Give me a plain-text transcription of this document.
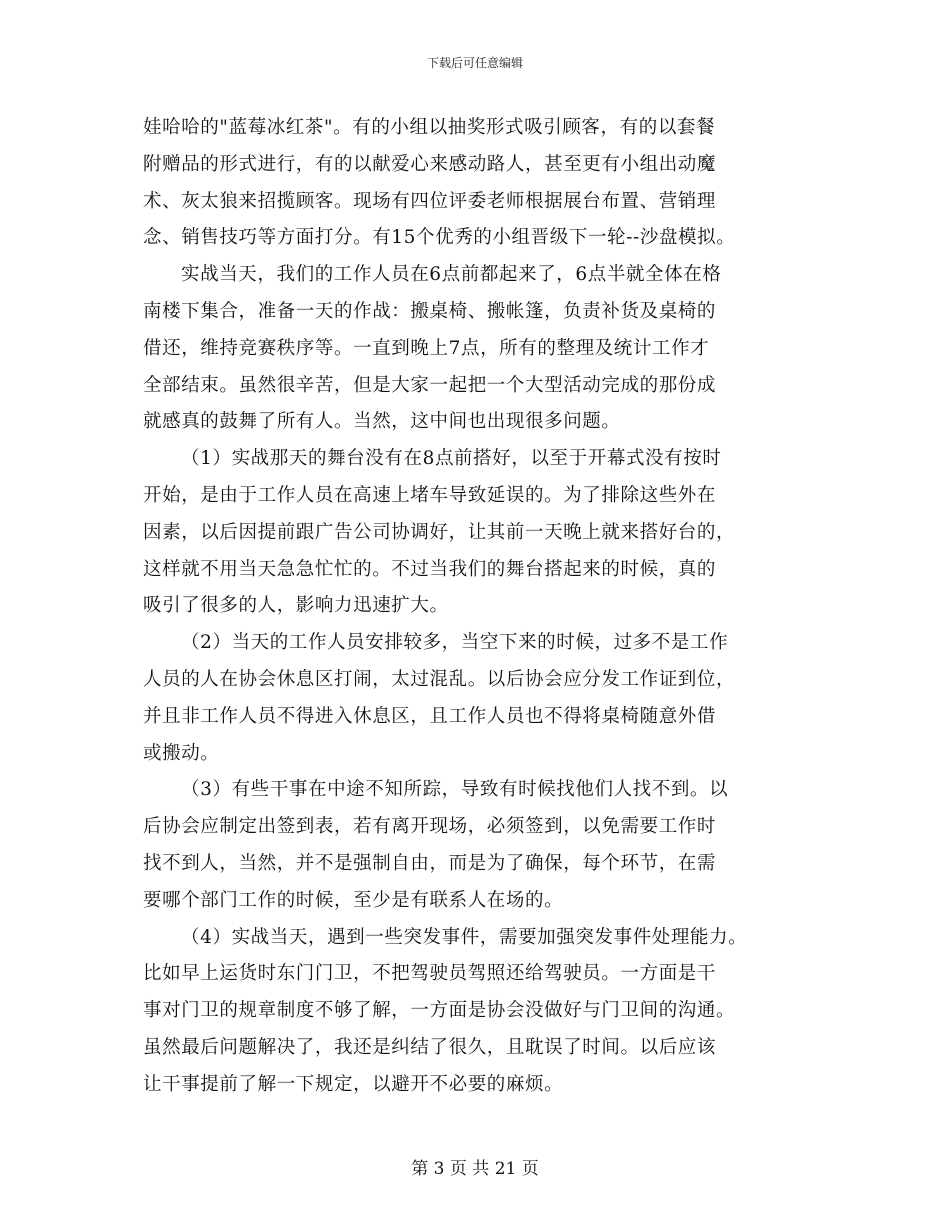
下载后可任意编辑
娃哈哈的"蓝莓冰红茶"。有的小组以抽奖形式吸引顾客，有的以套餐
附赠品的形式进行，有的以献爱心来感动路人，甚至更有小组出动魔
术、灰太狼来招揽顾客。现场有四位评委老师根据展台布置、营销理
念、销售技巧等方面打分。有15个优秀的小组晋级下一轮--沙盘模拟。
实战当天，我们的工作人员在6点前都起来了，6点半就全体在格
南楼下集合，准备一天的作战：搬桌椅、搬帐篷，负责补货及桌椅的
借还，维持竞赛秩序等。一直到晚上7点，所有的整理及统计工作才
全部结束。虽然很辛苦，但是大家一起把一个大型活动完成的那份成
就感真的鼓舞了所有人。当然，这中间也出现很多问题。
（1）实战那天的舞台没有在8点前搭好，以至于开幕式没有按时
开始，是由于工作人员在高速上堵车导致延误的。为了排除这些外在
因素，以后因提前跟广告公司协调好，让其前一天晚上就来搭好台的，
这样就不用当天急急忙忙的。不过当我们的舞台搭起来的时候，真的
吸引了很多的人，影响力迅速扩大。
（2）当天的工作人员安排较多，当空下来的时候，过多不是工作
人员的人在协会休息区打闹，太过混乱。以后协会应分发工作证到位，
并且非工作人员不得进入休息区，且工作人员也不得将桌椅随意外借
或搬动。
（3）有些干事在中途不知所踪，导致有时候找他们人找不到。以
后协会应制定出签到表，若有离开现场，必须签到，以免需要工作时
找不到人，当然，并不是强制自由，而是为了确保，每个环节，在需
要哪个部门工作的时候，至少是有联系人在场的。
（4）实战当天，遇到一些突发事件，需要加强突发事件处理能力。
比如早上运货时东门门卫，不把驾驶员驾照还给驾驶员。一方面是干
事对门卫的规章制度不够了解，一方面是协会没做好与门卫间的沟通。
虽然最后问题解决了，我还是纠结了很久，且耽误了时间。以后应该
让干事提前了解一下规定，以避开不必要的麻烦。
第 3 页 共 21 页
